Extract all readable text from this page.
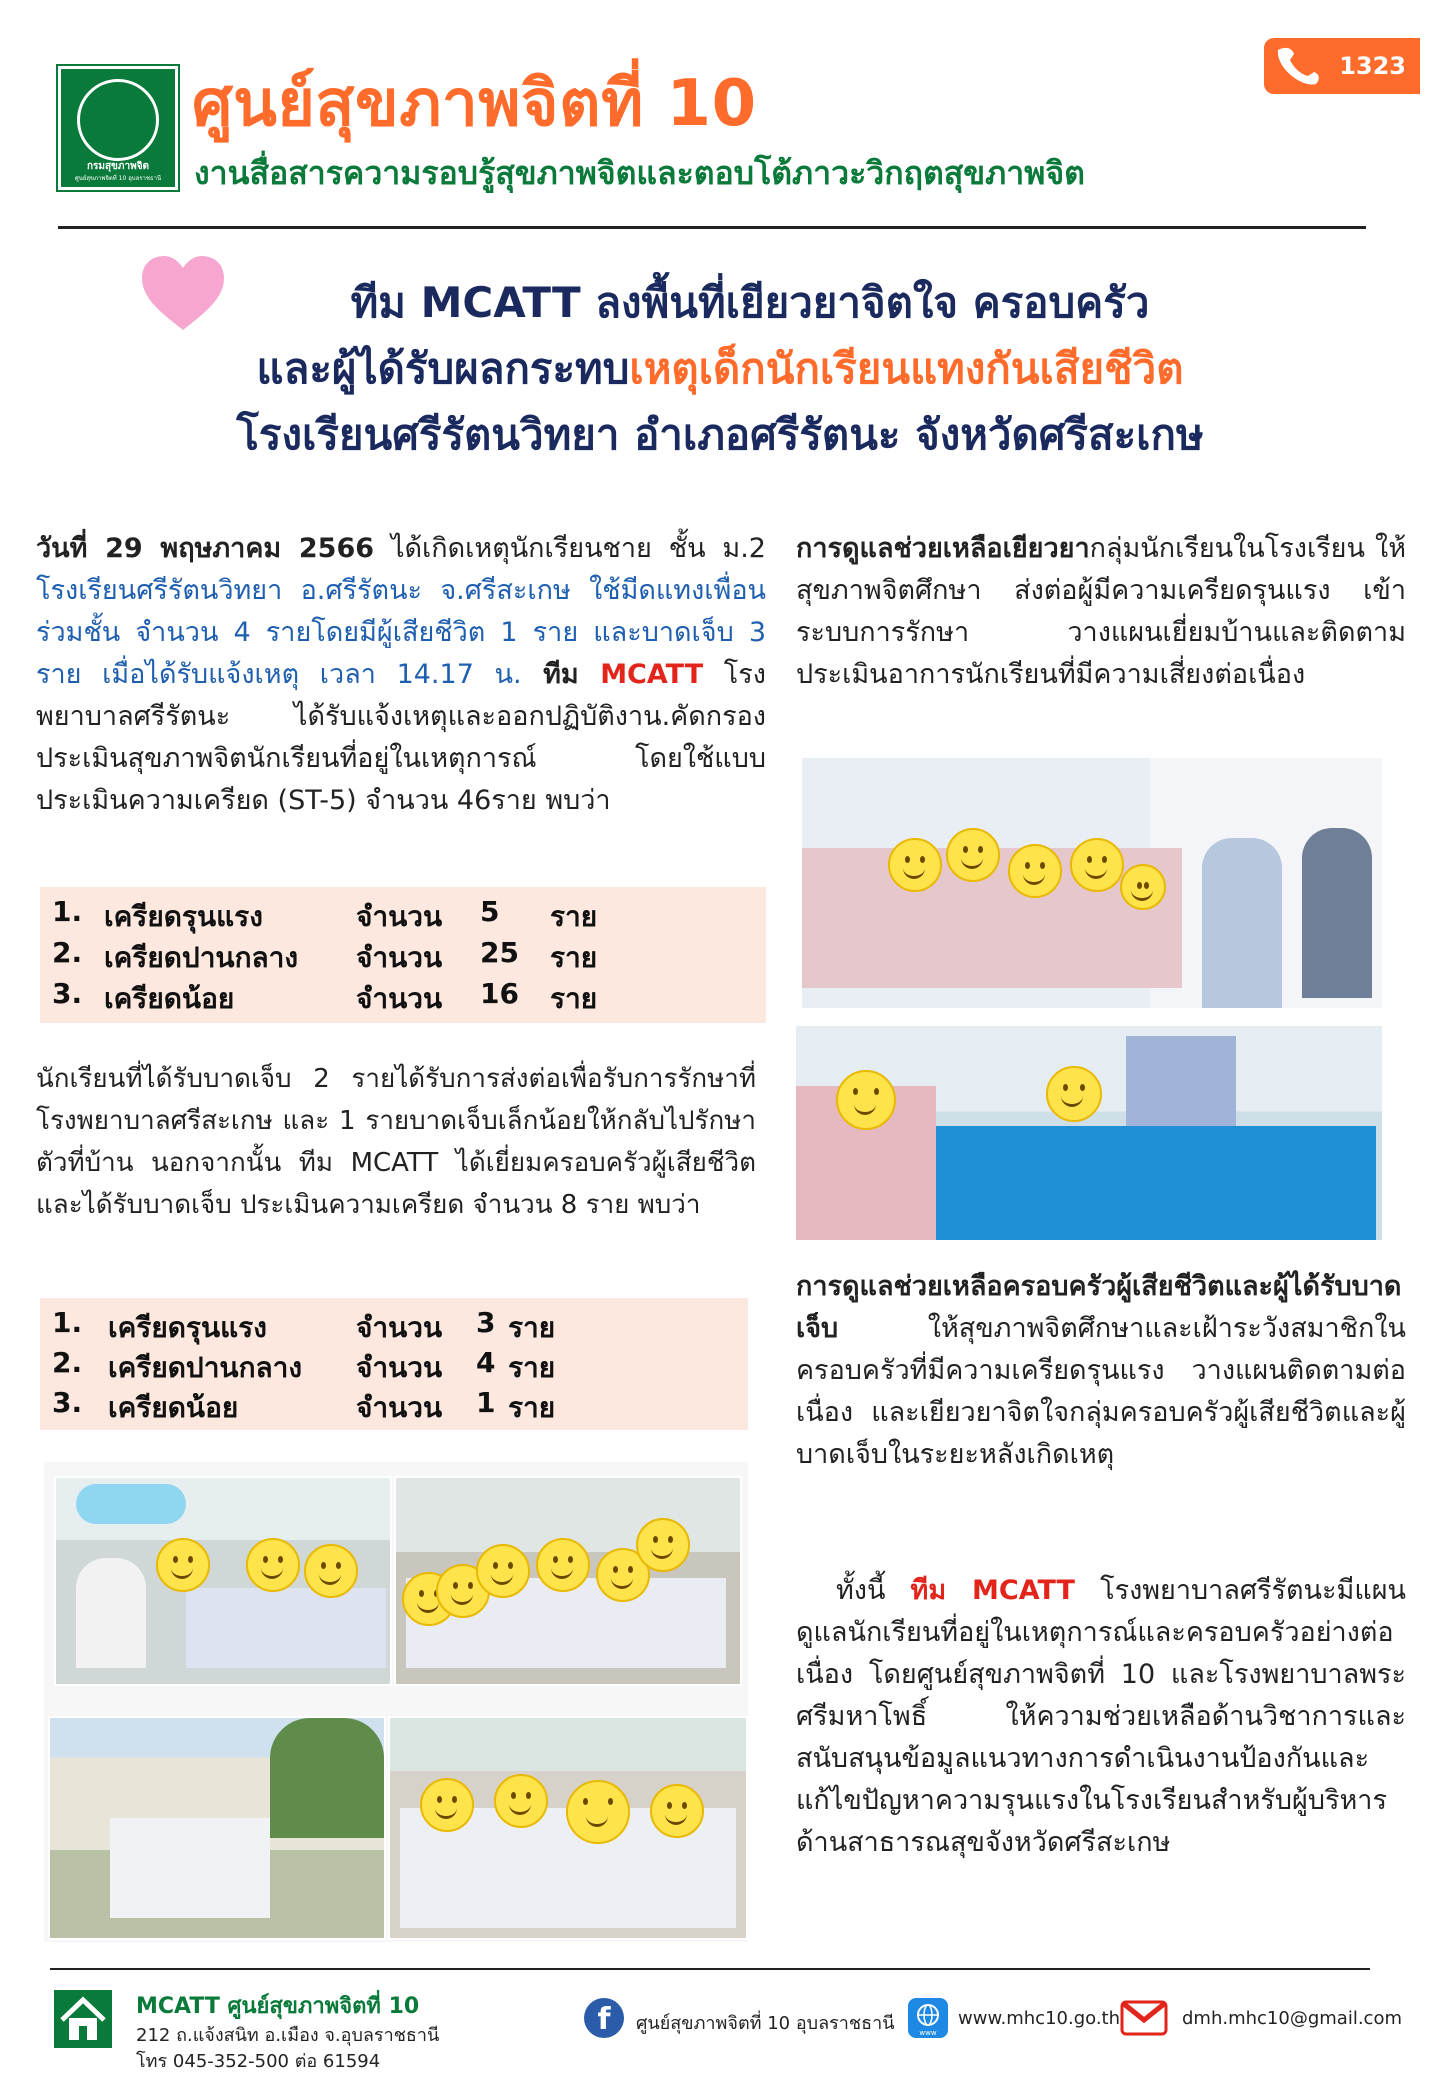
กรมสุขภาพจิต
ศูนย์สุขภาพจิตที่ 10 อุบลราชธานี
ศูนย์สุขภาพจิตที่ 10
งานสื่อสารความรอบรู้สุขภาพจิตและตอบโต้ภาวะวิกฤตสุขภาพจิต
1323
ทีม MCATT ลงพื้นที่เยียวยาจิตใจ ครอบครัว
และผู้ได้รับผลกระทบเหตุเด็กนักเรียนแทงกันเสียชีวิต
โรงเรียนศรีรัตนวิทยา อำเภอศรีรัตนะ จังหวัดศรีสะเกษ

วันที่ 29 พฤษภาคม 2566 ได้เกิดเหตุนักเรียนชาย ชั้น ม.2 โรงเรียนศรีรัตนวิทยา อ.ศรีรัตนะ จ.ศรีสะเกษ ใช้มีดแทงเพื่อนร่วมชั้น จำนวน 4 รายโดยมีผู้เสียชีวิต 1 ราย และบาดเจ็บ 3 ราย เมื่อได้รับแจ้งเหตุ เวลา 14.17 น. ทีม MCATT โรงพยาบาลศรีรัตนะ ได้รับแจ้งเหตุและออกปฏิบัติงาน.คัดกรองประเมินสุขภาพจิตนักเรียนที่อยู่ในเหตุการณ์ โดยใช้แบบประเมินความเครียด (ST-5) จำนวน 46ราย พบว่า

1. เครียดรุนแรง	จำนวน 5 ราย
2. เครียดปานกลาง จำนวน 25 ราย
3. เครียดน้อย	จำนวน 16 ราย

นักเรียนที่ได้รับบาดเจ็บ 2 รายได้รับการส่งต่อเพื่อรับการรักษาที่โรงพยาบาลศรีสะเกษ และ 1 รายบาดเจ็บเล็กน้อยให้กลับไปรักษาตัวที่บ้าน นอกจากนั้น ทีม MCATT ได้เยี่ยมครอบครัวผู้เสียชีวิตและได้รับบาดเจ็บ ประเมินความเครียด จำนวน 8 ราย พบว่า

1. เครียดรุนแรง	จำนวน 3 ราย
2. เครียดปานกลาง จำนวน 4 ราย
3. เครียดน้อย	จำนวน 1 ราย

การดูแลช่วยเหลือเยียวยากลุ่มนักเรียนในโรงเรียน ให้สุขภาพจิตศึกษา ส่งต่อผู้มีความเครียดรุนแรง เข้าระบบการรักษา วางแผนเยี่ยมบ้านและติดตามประเมินอาการนักเรียนที่มีความเสี่ยงต่อเนื่อง

การดูแลช่วยเหลือครอบครัวผู้เสียชีวิตและผู้ได้รับบาดเจ็บ ให้สุขภาพจิตศึกษาและเฝ้าระวังสมาชิกในครอบครัวที่มีความเครียดรุนแรง วางแผนติดตามต่อเนื่อง และเยียวยาจิตใจกลุ่มครอบครัวผู้เสียชีวิตและผู้บาดเจ็บในระยะหลังเกิดเหตุ

ทั้งนี้ ทีม MCATT โรงพยาบาลศรีรัตนะมีแผนดูแลนักเรียนที่อยู่ในเหตุการณ์และครอบครัวอย่างต่อเนื่อง โดยศูนย์สุขภาพจิตที่ 10 และโรงพยาบาลพระศรีมหาโพธิ์ ให้ความช่วยเหลือด้านวิชาการและสนับสนุนข้อมูลแนวทางการดำเนินงานป้องกันและแก้ไขปัญหาความรุนแรงในโรงเรียนสำหรับผู้บริหารด้านสาธารณสุขจังหวัดศรีสะเกษ

MCATT ศูนย์สุขภาพจิตที่ 10
212 ถ.แจ้งสนิท อ.เมือง จ.อุบลราชธานี
โทร 045-352-500 ต่อ 61594
f	ศูนย์สุขภาพจิตที่ 10 อุบลราชธานี	www
www.mhc10.go.th	dmh.mhc10@gmail.com
